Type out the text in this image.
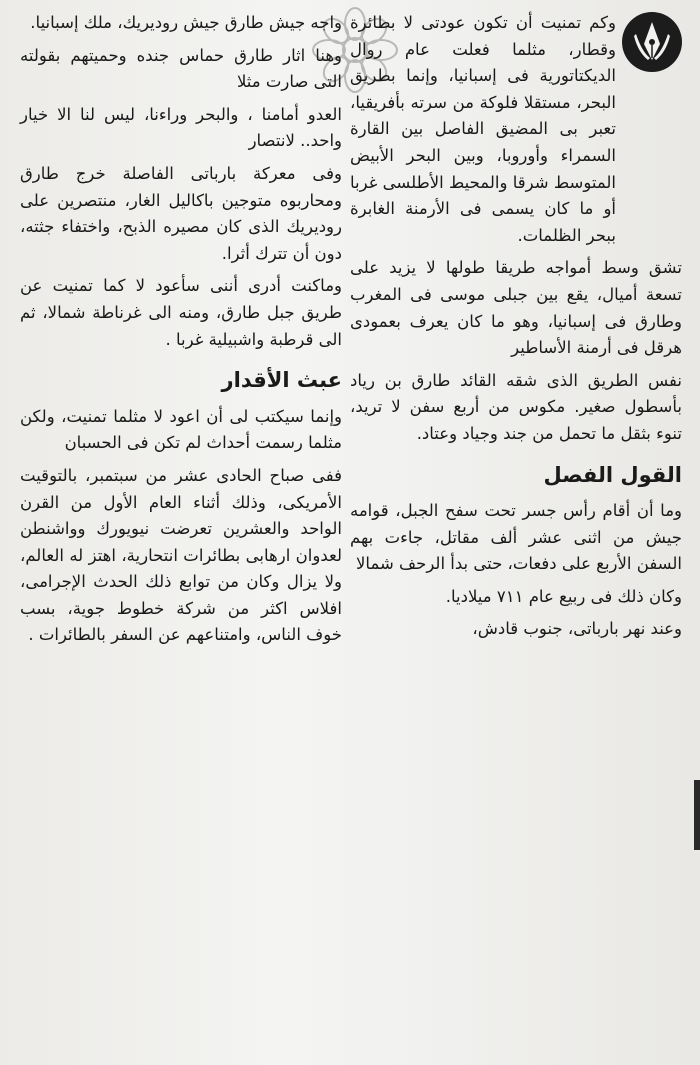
وكم تمنيت أن تكون عودتى لا بطائرة وقطار، مثلما فعلت عام روال الديكتاتورية فى إسبانيا، وإنما بطريق البحر، مستقلا فلوكة من سرته بأفريقيا، تعبر بى المضيق الفاصل بين القارة السمراء وأوروبا، وبين البحر الأبيض المتوسط شرقا والمحيط الأطلسى غربا أو ما كان يسمى فى الأرمنة الغابرة ببحر الظلمات.

تشق وسط أمواجه طريقا طولها لا يزيد على تسعة أميال، يقع بين جبلى موسى فى المغرب وطارق فى إسبانيا، وهو ما كان يعرف بعمودى هرقل فى أرمنة الأساطير

نفس الطريق الذى شقه القائد طارق بن رياد بأسطول صغير. مكوس من أربع سفن لا تريد، تنوء بثقل ما تحمل من جند وجياد وعتاد.

القول الفصل

وما أن أقام رأس جسر تحت سفح الجبل، قوامه جيش من اثنى عشر ألف مقاتل، جاءت بهم السفن الأربع على دفعات، حتى بدأ الرحف شمالا

وكان ذلك فى ربيع عام ٧١١ ميلاديا.

وعند نهر بارباتى، جنوب قادش،

واجه جيش طارق جيش روديريك، ملك إسبانيا.

وهنا اثار طارق حماس جنده وحميتهم بقولته التى صارت مثلا

العدو أمامنا ، والبحر وراءنا، ليس لنا الا خيار واحد.. لانتصار

وفى معركة بارباتى الفاصلة خرج طارق ومحاربوه متوجين باكاليل الغار، منتصرين على روديريك الذى كان مصيره الذبح، واختفاء جثته، دون أن تترك أثرا.

وماكنت أدرى أننى سأعود لا كما تمنيت عن طريق جبل طارق، ومنه الى غرناطة شمالا، ثم الى قرطبة واشبيلية غربا .

عبث الأقدار

وإنما سيكتب لى أن اعود لا مثلما تمنيت، ولكن مثلما رسمت أحداث لم تكن فى الحسبان

ففى صباح الحادى عشر من سبتمبر، بالتوقيت الأمريكى، وذلك أثناء العام الأول من القرن الواحد والعشرين تعرضت نيويورك وواشنطن لعدوان ارهابى بطائرات انتحارية، اهتز له العالم، ولا يزال وكان من توابع ذلك الحدث الإجرامى، افلاس اكثر من شركة خطوط جوية، بسب خوف الناس، وامتناعهم عن السفر بالطائرات .
